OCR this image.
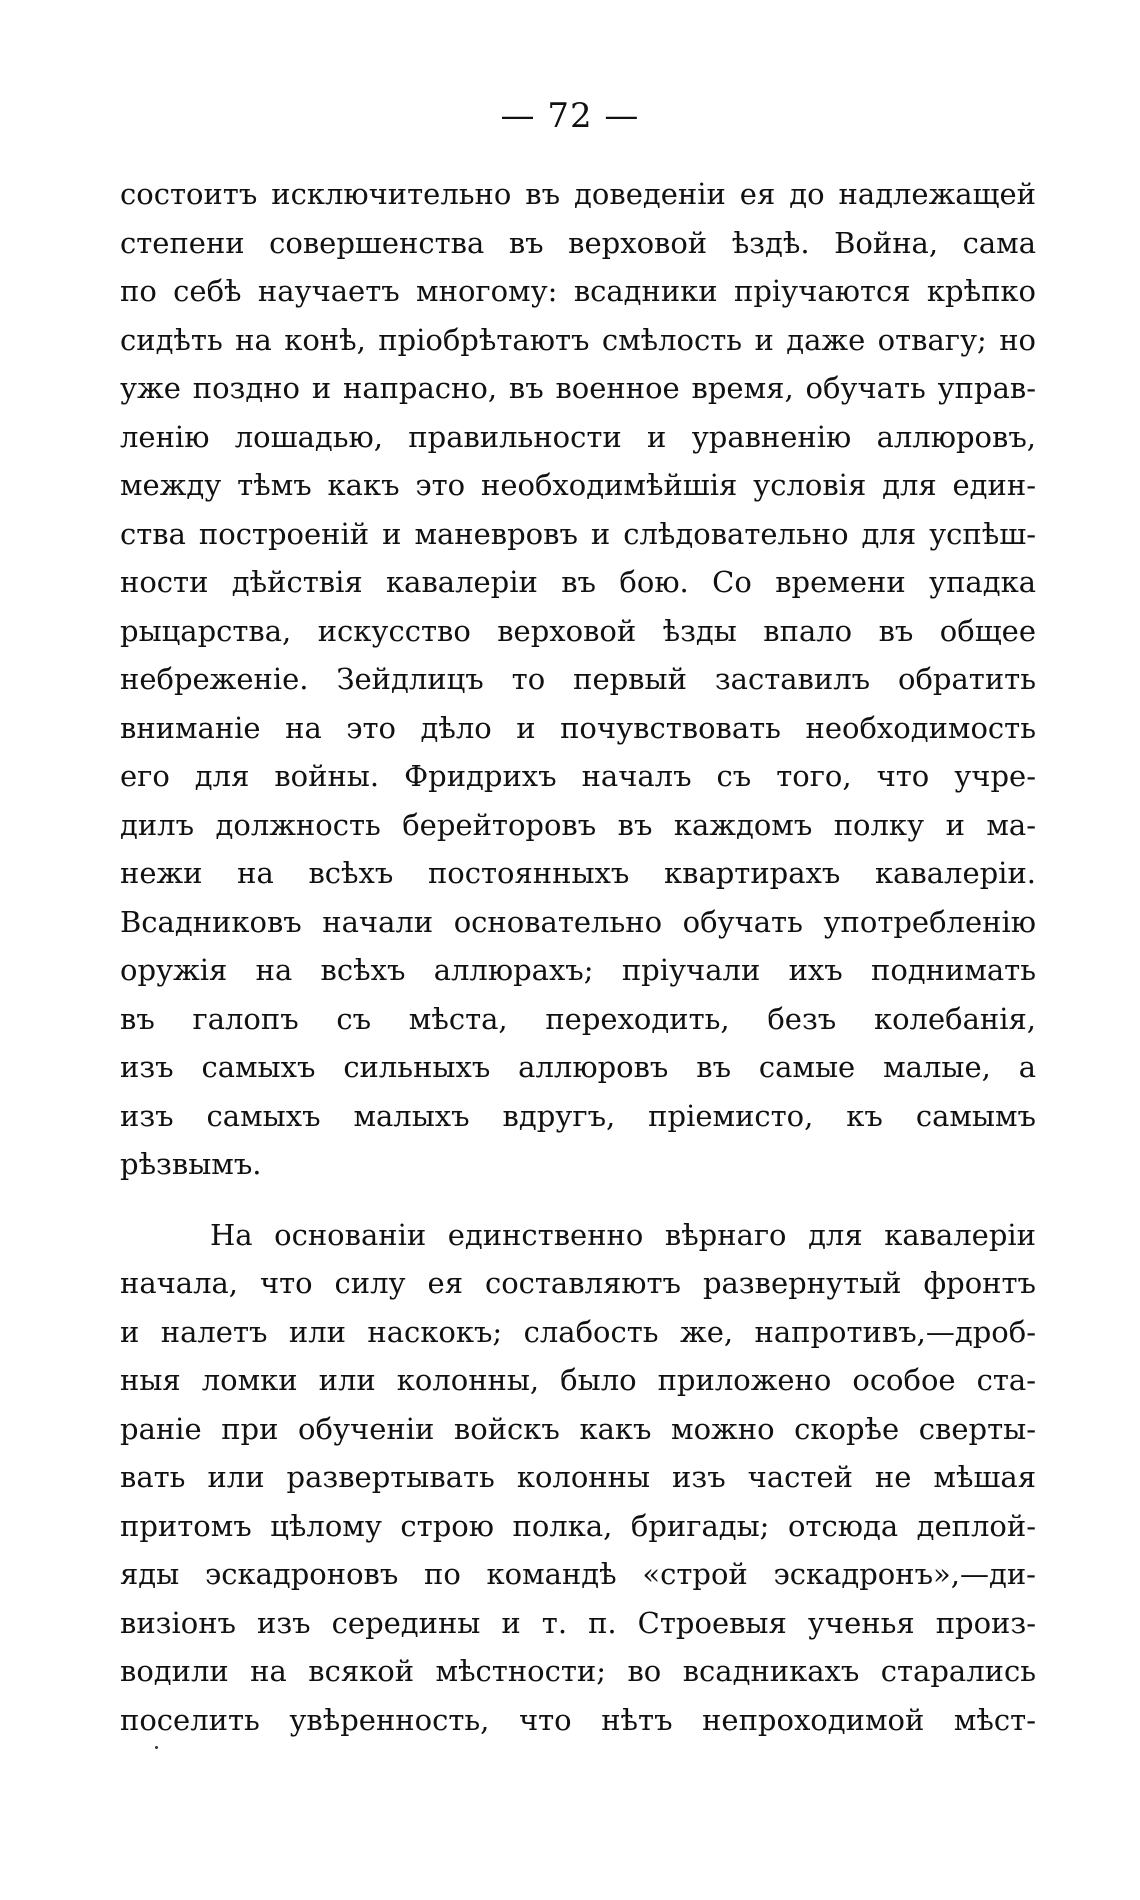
— 72 —
состоитъ исключительно въ доведеніи ея до надлежащей
степени совершенства въ верховой ѣздѣ. Война, сама
по себѣ научаетъ многому: всадники пріучаются крѣпко
сидѣть на конѣ, пріобрѣтаютъ смѣлость и даже отвагу; но
уже поздно и напрасно, въ военное время, обучать управ-
ленію лошадью, правильности и уравненію аллюровъ,
между тѣмъ какъ это необходимѣйшія условія для един-
ства построеній и маневровъ и слѣдовательно для успѣш-
ности дѣйствія кавалеріи въ бою. Со времени упадка
рыцарства, искусство верховой ѣзды впало въ общее
небреженіе. Зейдлицъ то первый заставилъ обратить
вниманіе на это дѣло и почувствовать необходимость
его для войны. Фридрихъ началъ съ того, что учре-
дилъ должность берейторовъ въ каждомъ полку и ма-
нежи на всѣхъ постоянныхъ квартирахъ кавалеріи.
Всадниковъ начали основательно обучать употребленію
оружія на всѣхъ аллюрахъ; пріучали ихъ поднимать
въ галопъ съ мѣста, переходить, безъ колебанія,
изъ самыхъ сильныхъ аллюровъ въ самые малые, а
изъ самыхъ малыхъ вдругъ, пріемисто, къ самымъ
рѣзвымъ.
На основаніи единственно вѣрнаго для кавалеріи
начала, что силу ея составляютъ развернутый фронтъ
и налетъ или наскокъ; слабость же, напротивъ,—дроб-
ныя ломки или колонны, было приложено особое ста-
раніе при обученіи войскъ какъ можно скорѣе сверты-
вать или развертывать колонны изъ частей не мѣшая
притомъ цѣлому строю полка, бригады; отсюда деплой-
яды эскадроновъ по командѣ «строй эскадронъ»,—ди-
визіонъ изъ середины и т. п. Строевыя ученья произ-
водили на всякой мѣстности; во всадникахъ старались
поселить увѣренность, что нѣтъ непроходимой мѣст-
